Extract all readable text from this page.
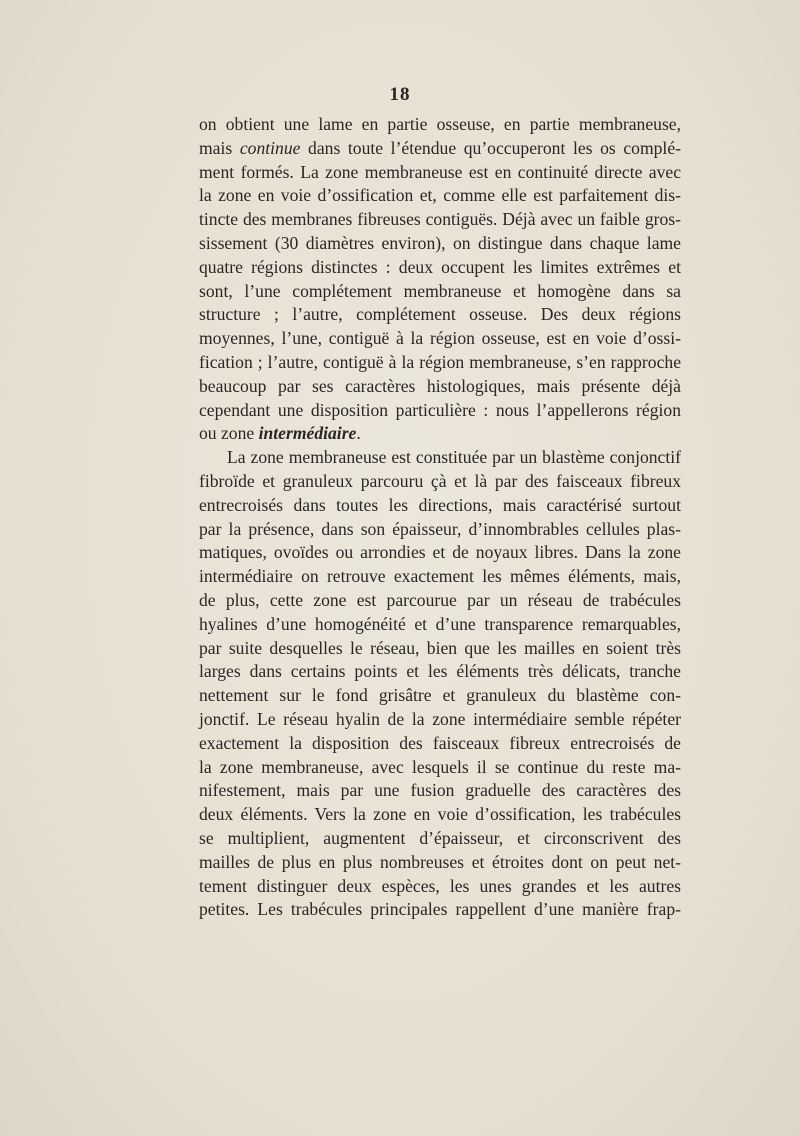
18
on obtient une lame en partie osseuse, en partie membraneuse,
mais continue dans toute l’étendue qu’occuperont les os complé-
ment formés. La zone membraneuse est en continuité directe avec
la zone en voie d’ossification et, comme elle est parfaitement dis-
tincte des membranes fibreuses contiguës. Déjà avec un faible gros-
sissement (30 diamètres environ), on distingue dans chaque lame
quatre régions distinctes : deux occupent les limites extrêmes et
sont, l’une complétement membraneuse et homogène dans sa
structure ; l’autre, complétement osseuse. Des deux régions
moyennes, l’une, contiguë à la région osseuse, est en voie d’ossi-
fication ; l’autre, contiguë à la région membraneuse, s’en rapproche
beaucoup par ses caractères histologiques, mais présente déjà
cependant une disposition particulière : nous l’appellerons région
ou zone intermédiaire.
La zone membraneuse est constituée par un blastème conjonctif
fibroïde et granuleux parcouru çà et là par des faisceaux fibreux
entrecroisés dans toutes les directions, mais caractérisé surtout
par la présence, dans son épaisseur, d’innombrables cellules plas-
matiques, ovoïdes ou arrondies et de noyaux libres. Dans la zone
intermédiaire on retrouve exactement les mêmes éléments, mais,
de plus, cette zone est parcourue par un réseau de trabécules
hyalines d’une homogénéité et d’une transparence remarquables,
par suite desquelles le réseau, bien que les mailles en soient très
larges dans certains points et les éléments très délicats, tranche
nettement sur le fond grisâtre et granuleux du blastème con-
jonctif. Le réseau hyalin de la zone intermédiaire semble répéter
exactement la disposition des faisceaux fibreux entrecroisés de
la zone membraneuse, avec lesquels il se continue du reste ma-
nifestement, mais par une fusion graduelle des caractères des
deux éléments. Vers la zone en voie d’ossification, les trabécules
se multiplient, augmentent d’épaisseur, et circonscrivent des
mailles de plus en plus nombreuses et étroites dont on peut net-
tement distinguer deux espèces, les unes grandes et les autres
petites. Les trabécules principales rappellent d’une manière frap-
